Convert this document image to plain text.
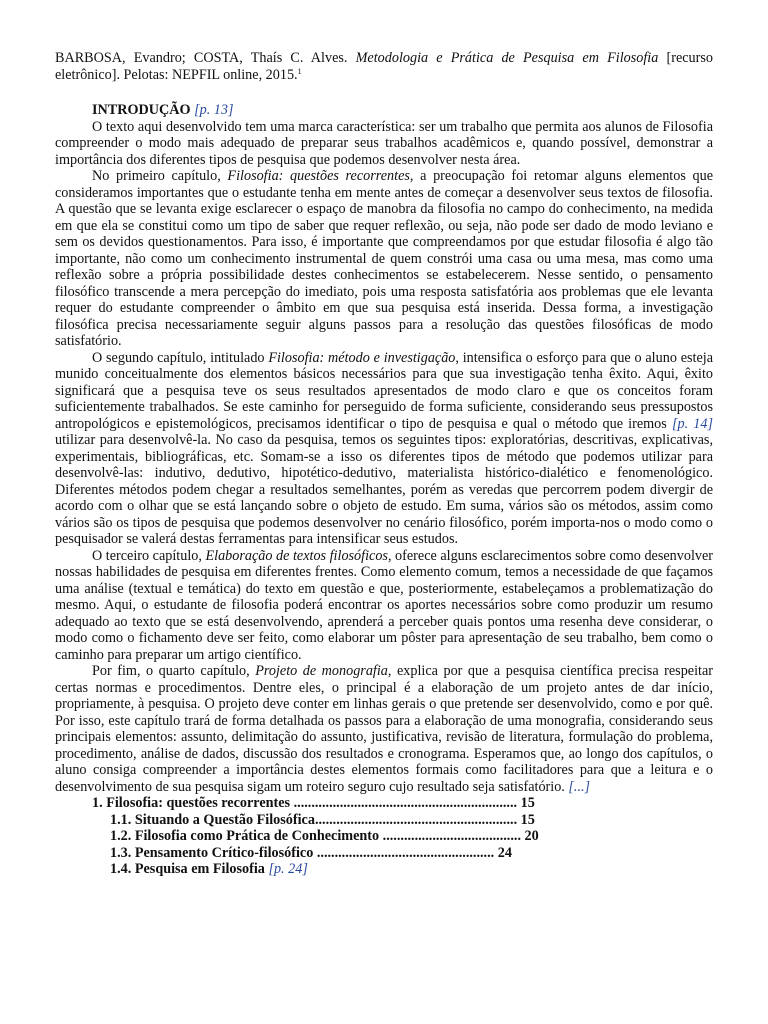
BARBOSA, Evandro; COSTA, Thaís C. Alves. Metodologia e Prática de Pesquisa em Filosofia [recurso eletrônico]. Pelotas: NEPFIL online, 2015.$^1$

INTRODUÇÃO [p. 13]

O texto aqui desenvolvido tem uma marca característica: ser um trabalho que permita aos alunos de Filosofia compreender o modo mais adequado de preparar seus trabalhos acadêmicos e, quando possível, demonstrar a importância dos diferentes tipos de pesquisa que podemos desenvolver nesta área.

No primeiro capítulo, Filosofia: questões recorrentes, a preocupação foi retomar alguns elementos que consideramos importantes que o estudante tenha em mente antes de começar a desenvolver seus textos de filosofia. A questão que se levanta exige esclarecer o espaço de manobra da filosofia no campo do conhecimento, na medida em que ela se constitui como um tipo de saber que requer reflexão, ou seja, não pode ser dado de modo leviano e sem os devidos questionamentos. Para isso, é importante que compreendamos por que estudar filosofia é algo tão importante, não como um conhecimento instrumental de quem constrói uma casa ou uma mesa, mas como uma reflexão sobre a própria possibilidade destes conhecimentos se estabelecerem. Nesse sentido, o pensamento filosófico transcende a mera percepção do imediato, pois uma resposta satisfatória aos problemas que ele levanta requer do estudante compreender o âmbito em que sua pesquisa está inserida. Dessa forma, a investigação filosófica precisa necessariamente seguir alguns passos para a resolução das questões filosóficas de modo satisfatório.

O segundo capítulo, intitulado Filosofia: método e investigação, intensifica o esforço para que o aluno esteja munido conceitualmente dos elementos básicos necessários para que sua investigação tenha êxito. Aqui, êxito significará que a pesquisa teve os seus resultados apresentados de modo claro e que os conceitos foram suficientemente trabalhados. Se este caminho for perseguido de forma suficiente, considerando seus pressupostos antropológicos e epistemológicos, precisamos identificar o tipo de pesquisa e qual o método que iremos [p. 14] utilizar para desenvolvê-la. No caso da pesquisa, temos os seguintes tipos: exploratórias, descritivas, explicativas, experimentais, bibliográficas, etc. Somam-se a isso os diferentes tipos de método que podemos utilizar para desenvolvê-las: indutivo, dedutivo, hipotético-dedutivo, materialista histórico-dialético e fenomenológico. Diferentes métodos podem chegar a resultados semelhantes, porém as veredas que percorrem podem divergir de acordo com o olhar que se está lançando sobre o objeto de estudo. Em suma, vários são os métodos, assim como vários são os tipos de pesquisa que podemos desenvolver no cenário filosófico, porém importa-nos o modo como o pesquisador se valerá destas ferramentas para intensificar seus estudos.

O terceiro capítulo, Elaboração de textos filosóficos, oferece alguns esclarecimentos sobre como desenvolver nossas habilidades de pesquisa em diferentes frentes. Como elemento comum, temos a necessidade de que façamos uma análise (textual e temática) do texto em questão e que, posteriormente, estabeleçamos a problematização do mesmo. Aqui, o estudante de filosofia poderá encontrar os aportes necessários sobre como produzir um resumo adequado ao texto que se está desenvolvendo, aprenderá a perceber quais pontos uma resenha deve considerar, o modo como o fichamento deve ser feito, como elaborar um pôster para apresentação de seu trabalho, bem como o caminho para preparar um artigo científico.

Por fim, o quarto capítulo, Projeto de monografia, explica por que a pesquisa científica precisa respeitar certas normas e procedimentos. Dentre eles, o principal é a elaboração de um projeto antes de dar início, propriamente, à pesquisa. O projeto deve conter em linhas gerais o que pretende ser desenvolvido, como e por quê. Por isso, este capítulo trará de forma detalhada os passos para a elaboração de uma monografia, considerando seus principais elementos: assunto, delimitação do assunto, justificativa, revisão de literatura, formulação do problema, procedimento, análise de dados, discussão dos resultados e cronograma. Esperamos que, ao longo dos capítulos, o aluno consiga compreender a importância destes elementos formais como facilitadores para que a leitura e o desenvolvimento de sua pesquisa sigam um roteiro seguro cujo resultado seja satisfatório. [...]

1. Filosofia: questões recorrentes ............................................................... 15
1.1. Situando a Questão Filosófica......................................................... 15
1.2. Filosofia como Prática de Conhecimento ....................................... 20
1.3. Pensamento Crítico-filosófico .................................................. 24
1.4. Pesquisa em Filosofia [p. 24]
